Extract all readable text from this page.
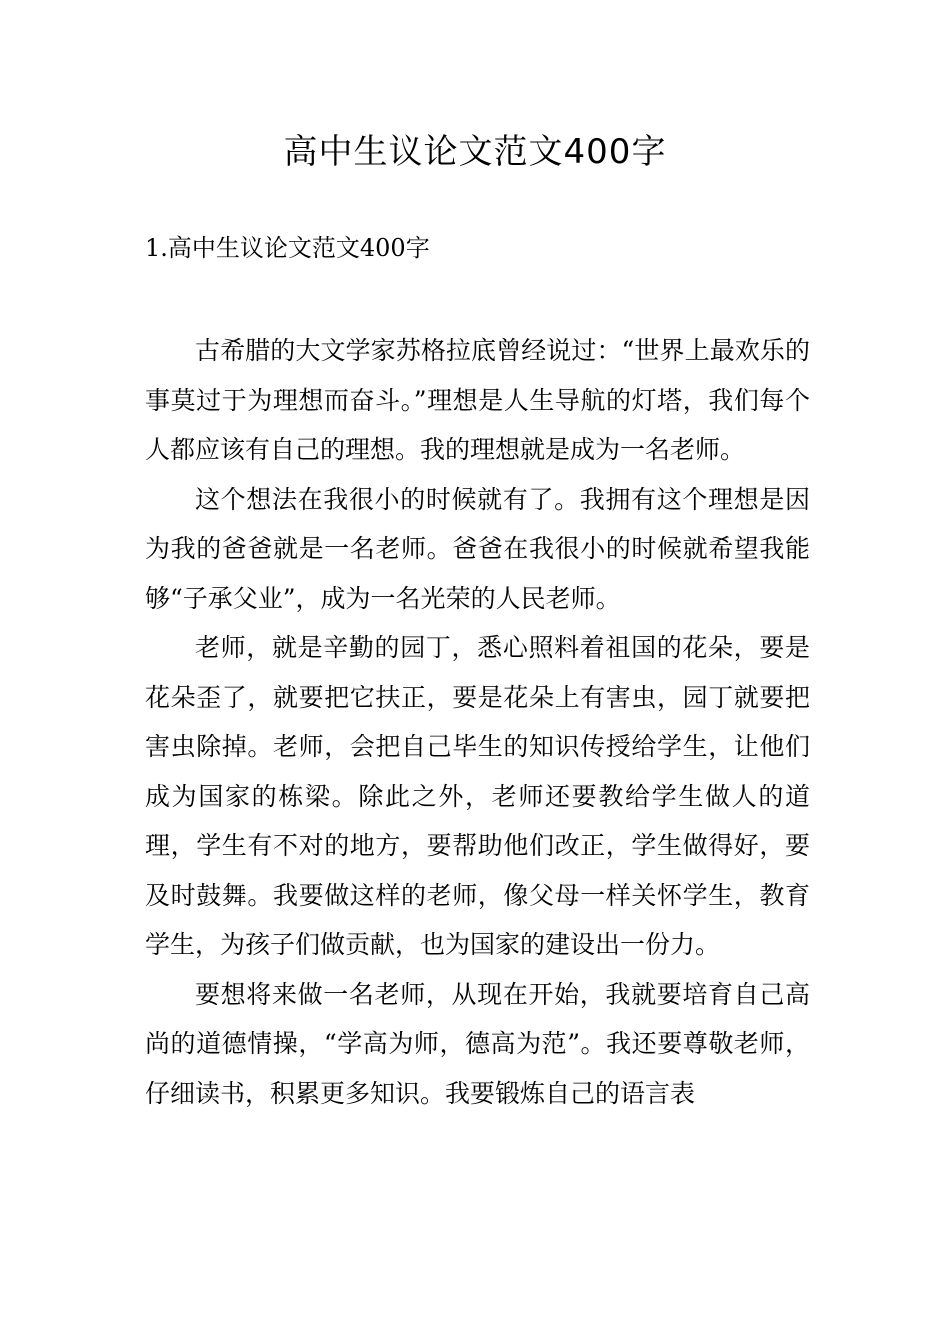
高中生议论文范文400字
1.高中生议论文范文400字

古希腊的大文学家苏格拉底曾经说过：“世界上最欢乐的事莫过于为理想而奋斗。”理想是人生导航的灯塔，我们每个人都应该有自己的理想。我的理想就是成为一名老师。

这个想法在我很小的时候就有了。我拥有这个理想是因为我的爸爸就是一名老师。爸爸在我很小的时候就希望我能够“子承父业”，成为一名光荣的人民老师。

老师，就是辛勤的园丁，悉心照料着祖国的花朵，要是花朵歪了，就要把它扶正，要是花朵上有害虫，园丁就要把害虫除掉。老师，会把自己毕生的知识传授给学生，让他们成为国家的栋梁。除此之外，老师还要教给学生做人的道理，学生有不对的地方，要帮助他们改正，学生做得好，要及时鼓舞。我要做这样的老师，像父母一样关怀学生，教育学生，为孩子们做贡献，也为国家的建设出一份力。

要想将来做一名老师，从现在开始，我就要培育自己高尚的道德情操，“学高为师，德高为范”。我还要尊敬老师，仔细读书，积累更多知识。我要锻炼自己的语言表
